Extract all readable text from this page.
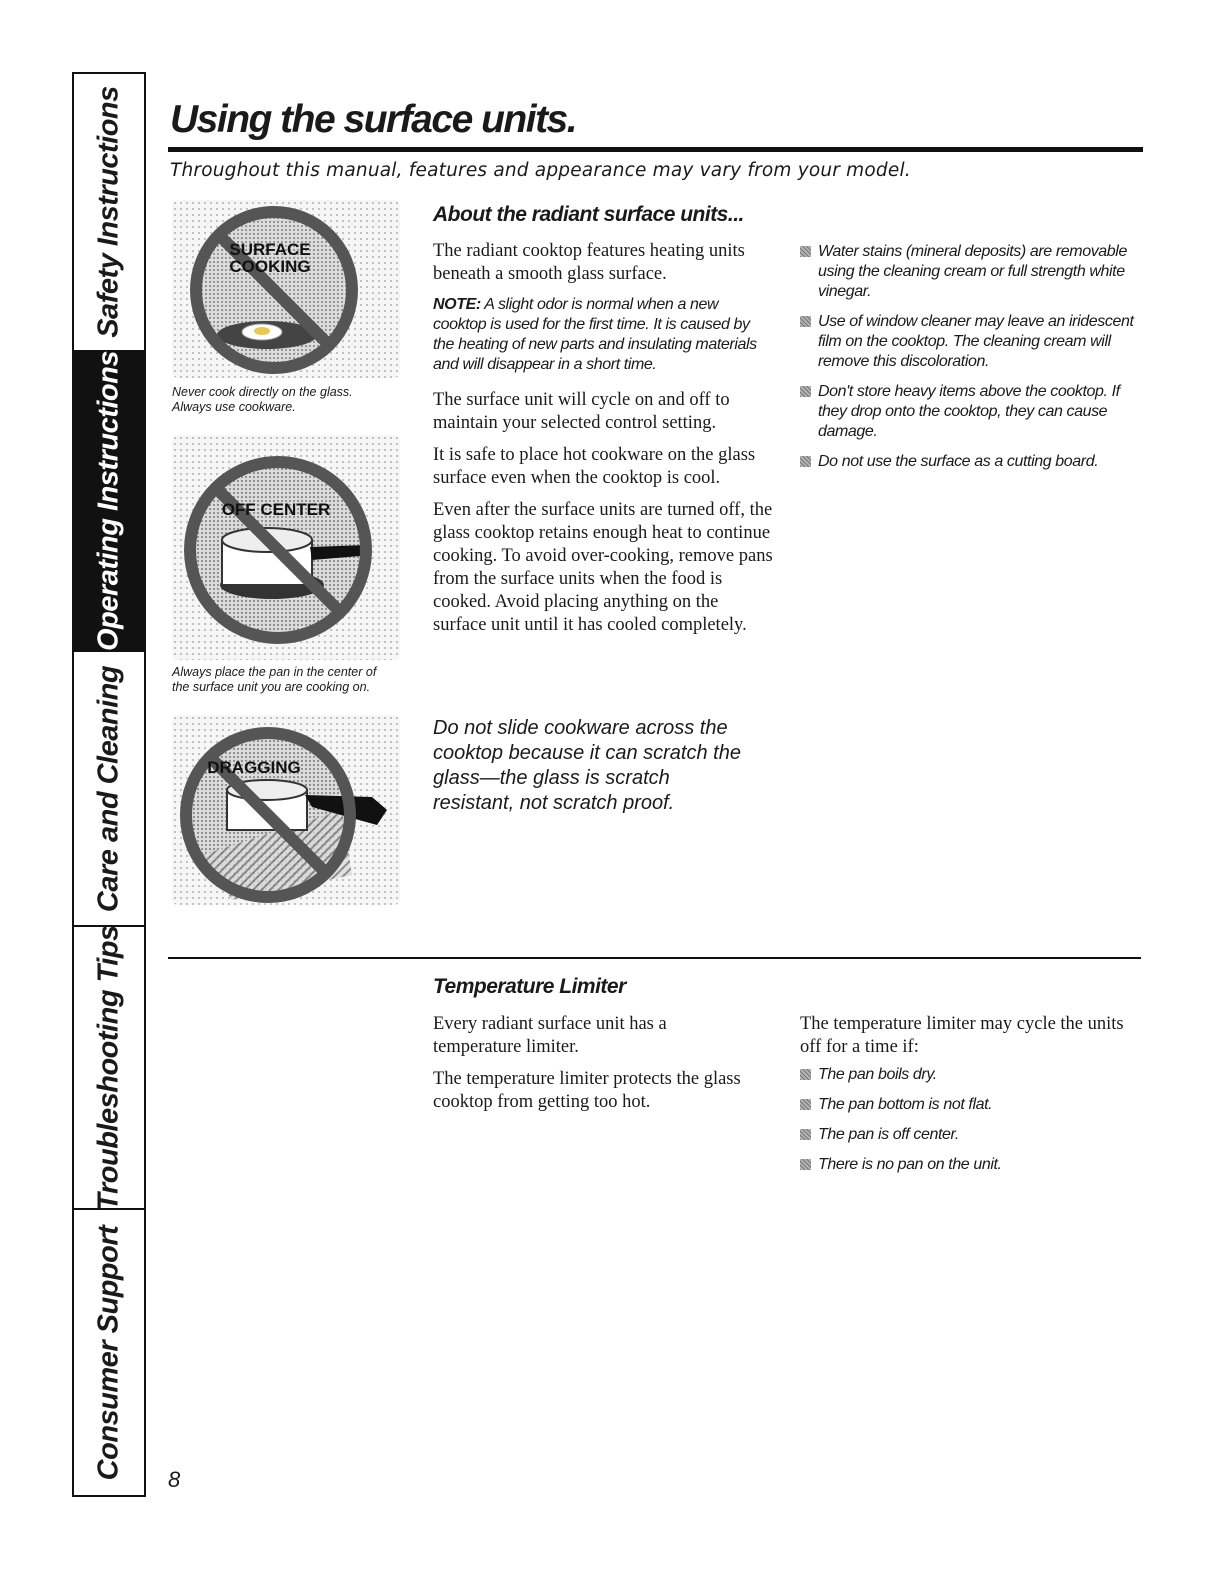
Safety Instructions
Operating Instructions
Care and Cleaning
Troubleshooting Tips
Consumer Support
Using the surface units.
Throughout this manual, features and appearance may vary from your model.
SURFACE
COOKING
Never cook directly on the glass.
Always use cookware.
OFF CENTER
Always place the pan in the center of
the surface unit you are cooking on.
DRAGGING
About the radiant surface units...

The radiant cooktop features heating units beneath a smooth glass surface.

NOTE: A slight odor is normal when a new cooktop is used for the first time. It is caused by the heating of new parts and insulating materials and will disappear in a short time.

The surface unit will cycle on and off to maintain your selected control setting.

It is safe to place hot cookware on the glass surface even when the cooktop is cool.

Even after the surface units are turned off, the glass cooktop retains enough heat to continue cooking. To avoid over-cooking, remove pans from the surface units when the food is cooked. Avoid placing anything on the surface unit until it has cooled completely.

Do not slide cookware across the cooktop because it can scratch the glass—the glass is scratch resistant, not scratch proof.
Water stains (mineral deposits) are removable using the cleaning cream or full strength white vinegar.
Use of window cleaner may leave an iridescent film on the cooktop. The cleaning cream will remove this discoloration.
Don't store heavy items above the cooktop. If they drop onto the cooktop, they can cause damage.
Do not use the surface as a cutting board.
Temperature Limiter

Every radiant surface unit has a temperature limiter.

The temperature limiter protects the glass cooktop from getting too hot.

The temperature limiter may cycle the units off for a time if:
The pan boils dry.
The pan bottom is not flat.
The pan is off center.
There is no pan on the unit.
8
